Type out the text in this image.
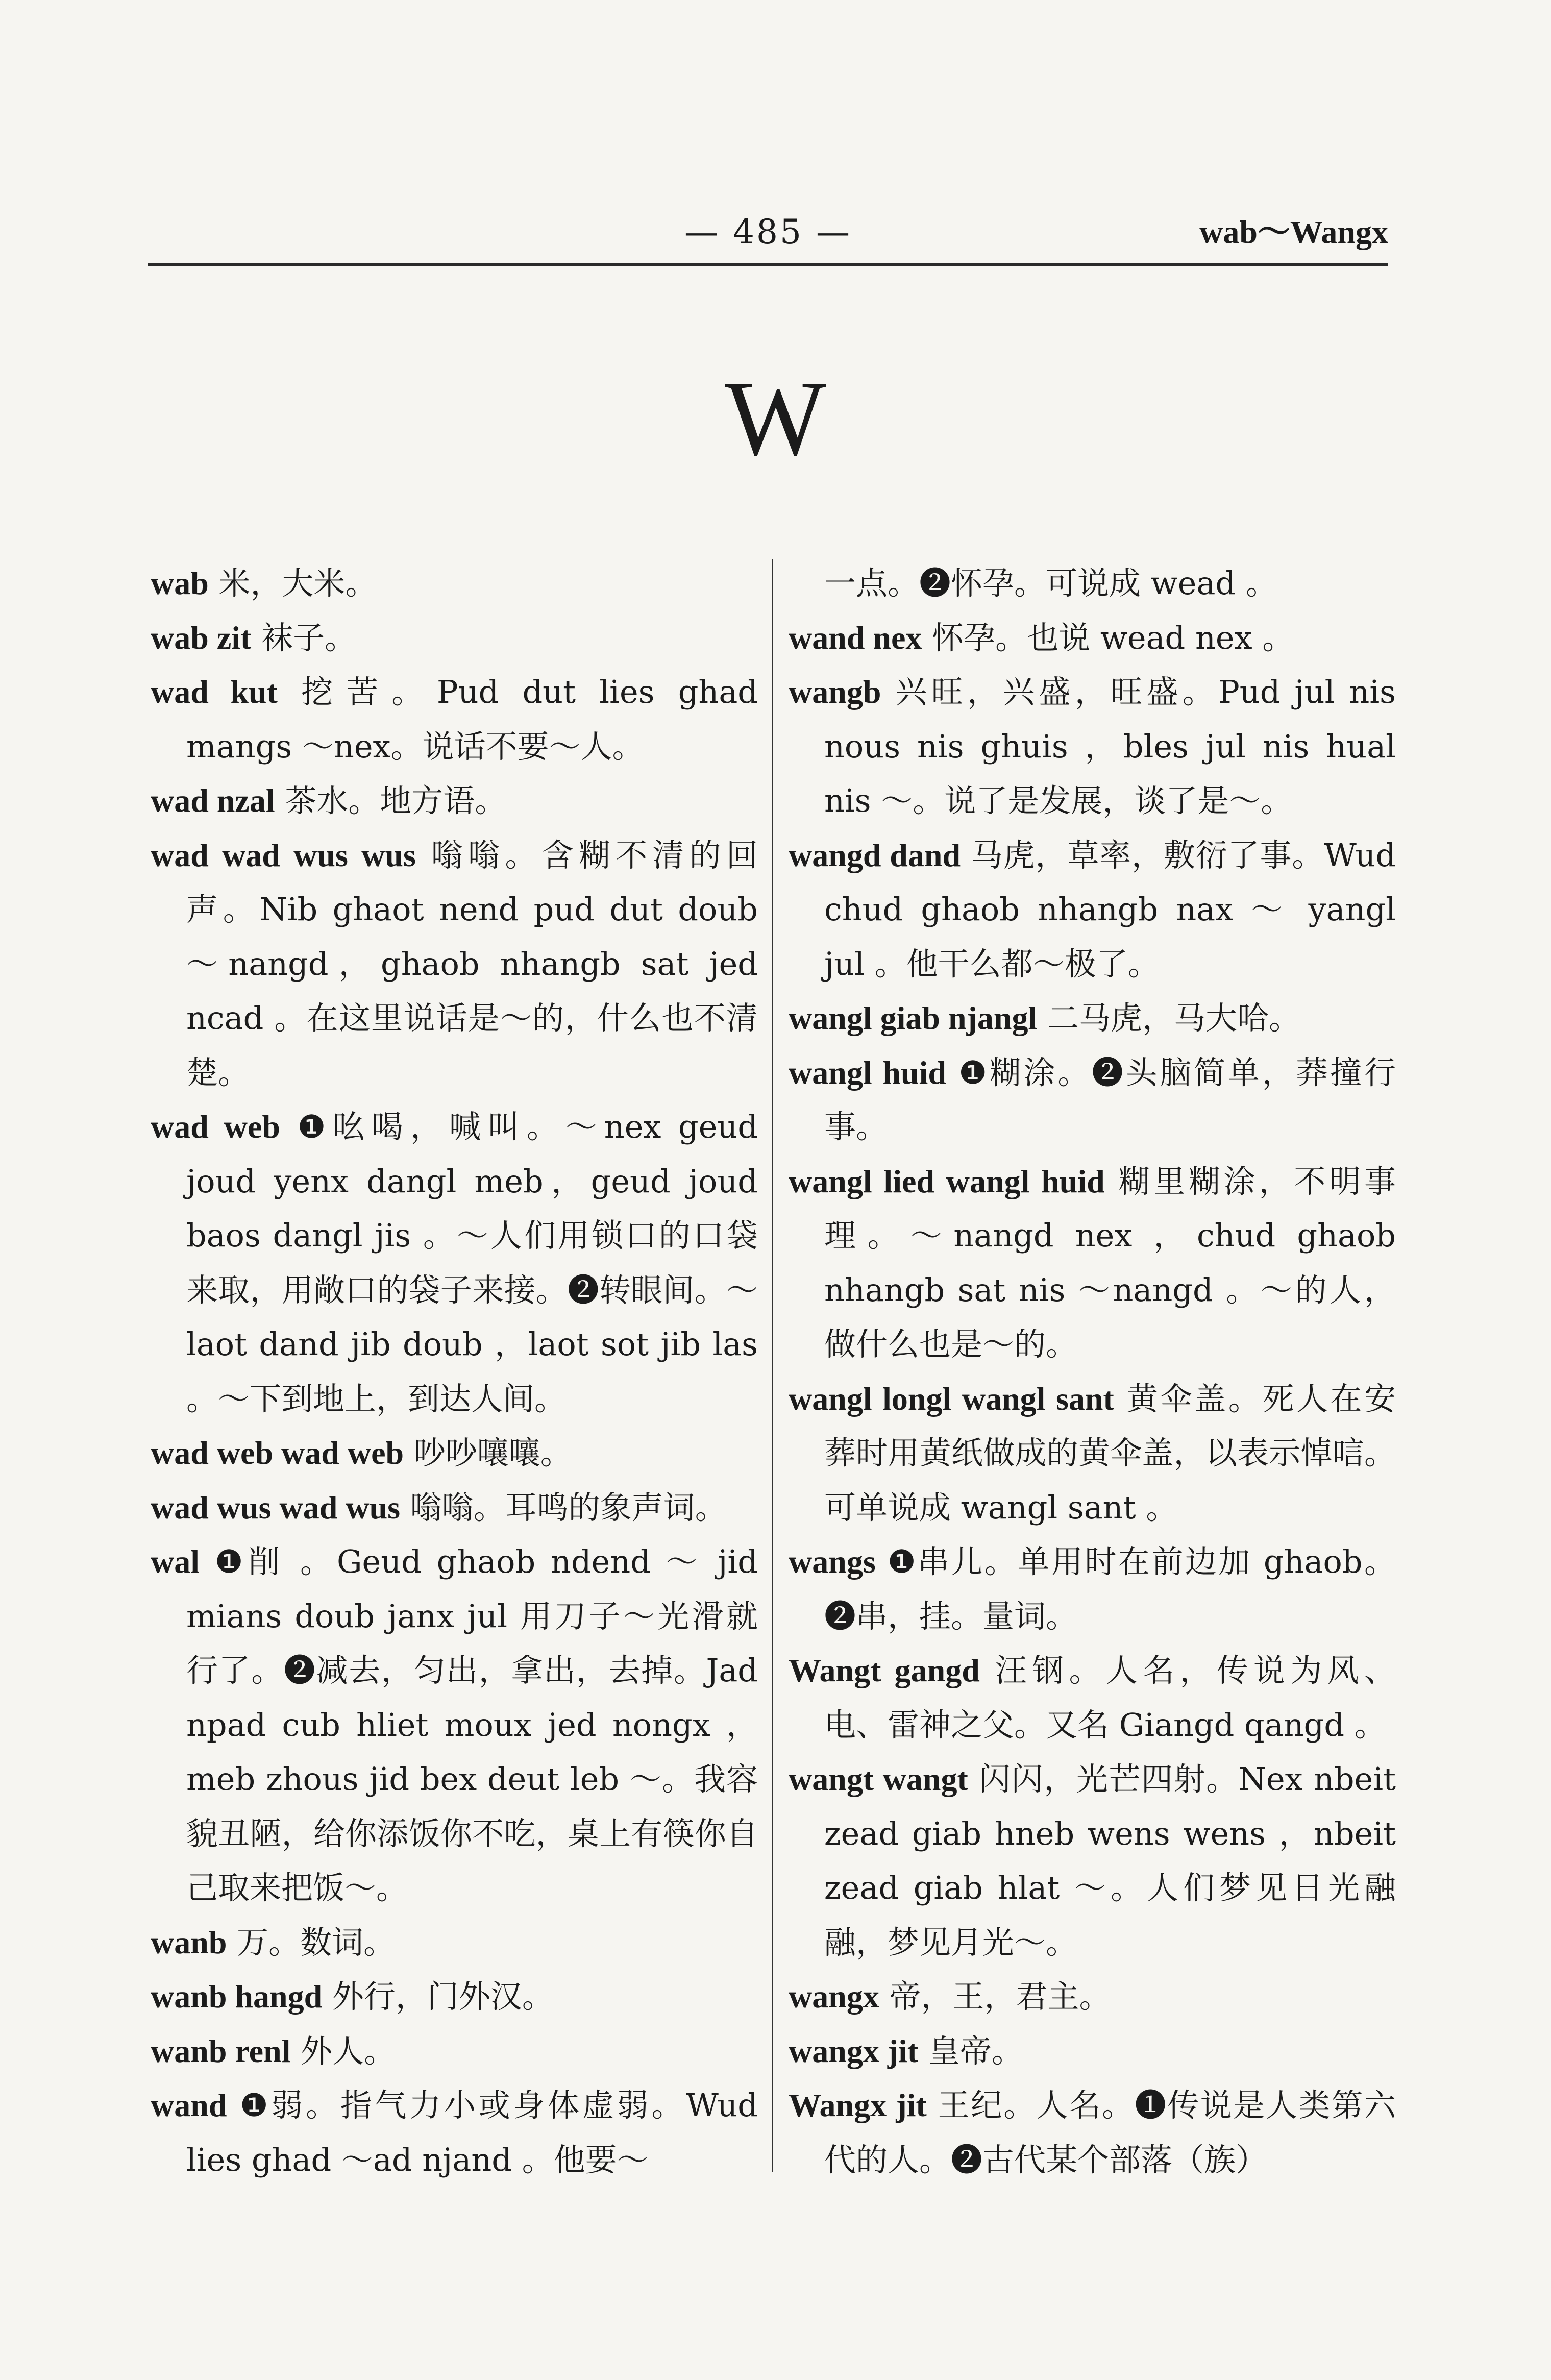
— 485 —	wab～Wangx
W

wab 米，大米。

wab zit 袜子。

wad kut 挖苦。Pud dut lies ghad mangs ～nex。说话不要～人。

wad nzal 茶水。地方语。

wad wad wus wus 嗡嗡。含糊不清的回声。Nib ghaot nend pud dut doub ～nangd，ghaob nhangb sat jed ncad 。在这里说话是～的，什么也不清楚。

wad web ❶吆喝，喊叫。～nex geud joud yenx dangl meb，geud joud baos dangl jis 。～人们用锁口的口袋来取，用敞口的袋子来接。❷转眼间。～laot dand jib doub ，laot sot jib las 。～下到地上，到达人间。

wad web wad web 吵吵嚷嚷。

wad wus wad wus 嗡嗡。耳鸣的象声词。

wal ❶削 。Geud ghaob ndend ～ jid mians doub janx jul 用刀子～光滑就行了。❷减去，匀出，拿出，去掉。Jad npad cub hliet moux jed nongx ，meb zhous jid bex deut leb ～。我容貌丑陋，给你添饭你不吃，桌上有筷你自己取来把饭～。

wanb 万。数词。

wanb hangd 外行，门外汉。

wanb renl 外人。

wand ❶弱。指气力小或身体虚弱。Wud lies ghad ～ad njand 。他要～

一点。❷怀孕。可说成 wead 。

wand nex 怀孕。也说 wead nex 。

wangb 兴旺，兴盛，旺盛。Pud jul nis nous nis ghuis ，bles jul nis hual nis ～。说了是发展，谈了是～。

wangd dand 马虎，草率，敷衍了事。Wud chud ghaob nhangb nax ～ yangl jul 。他干么都～极了。

wangl giab njangl 二马虎，马大哈。

wangl huid ❶糊涂。❷头脑简单，莽撞行事。

wangl lied wangl huid 糊里糊涂，不明事理。～nangd nex ，chud ghaob nhangb sat nis ～nangd 。～的人，做什么也是～的。

wangl longl wangl sant 黄伞盖。死人在安葬时用黄纸做成的黄伞盖，以表示悼唁。可单说成 wangl sant 。

wangs ❶串儿。单用时在前边加 ghaob。❷串，挂。量词。

Wangt gangd 汪钢。人名，传说为风、电、雷神之父。又名 Giangd qangd 。

wangt wangt 闪闪，光芒四射。Nex nbeit zead giab hneb wens wens ，nbeit zead giab hlat ～。人们梦见日光融融，梦见月光～。

wangx 帝，王，君主。

wangx jit 皇帝。

Wangx jit 王纪。人名。❶传说是人类第六代的人。❷古代某个部落（族）
